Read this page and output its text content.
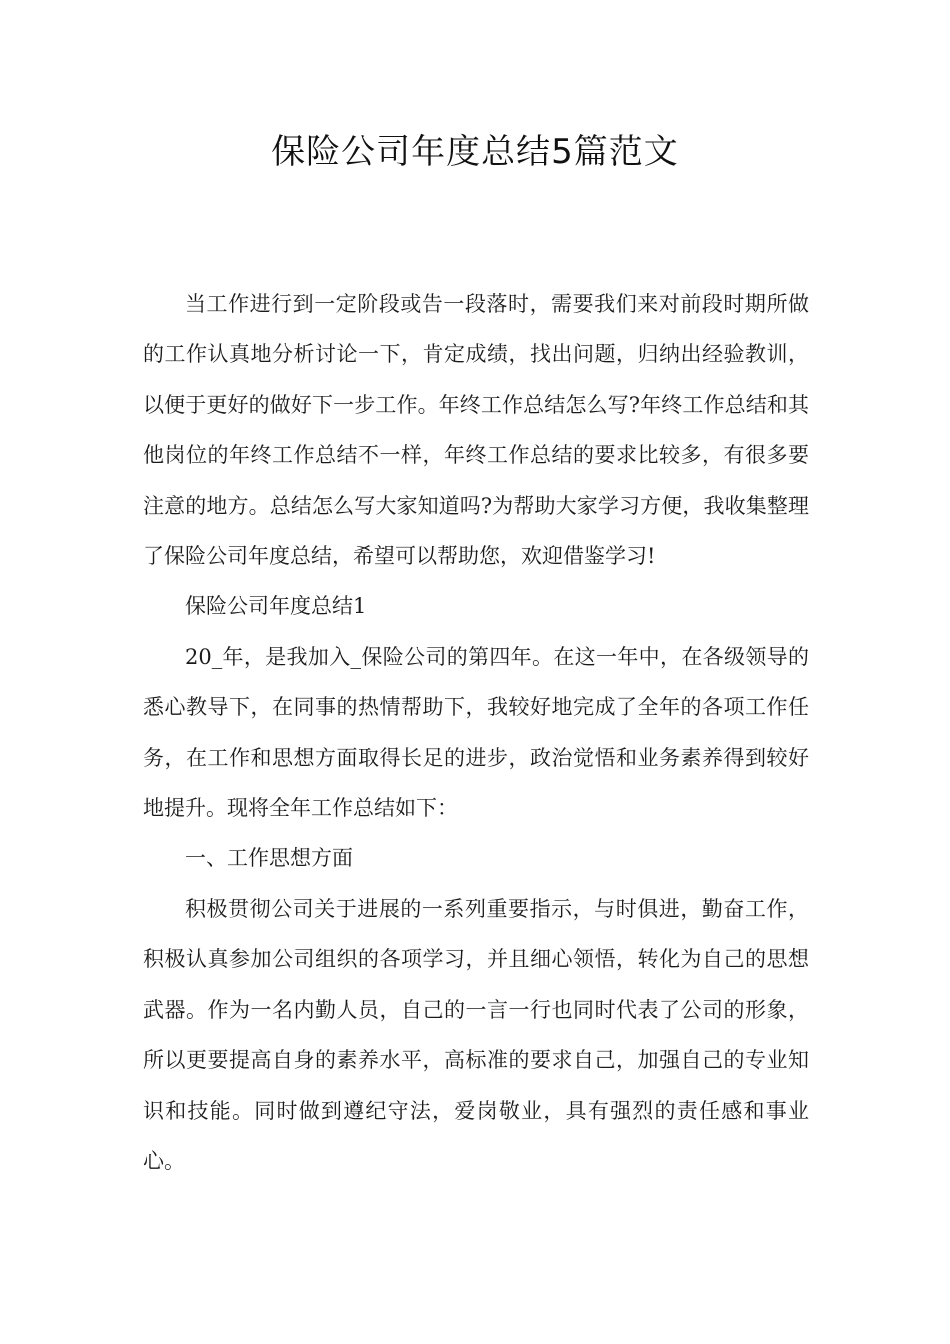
保险公司年度总结5篇范文

当工作进行到一定阶段或告一段落时，需要我们来对前段时期所做的工作认真地分析讨论一下，肯定成绩，找出问题，归纳出经验教训，以便于更好的做好下一步工作。年终工作总结怎么写?年终工作总结和其他岗位的年终工作总结不一样，年终工作总结的要求比较多，有很多要注意的地方。总结怎么写大家知道吗?为帮助大家学习方便，我收集整理了保险公司年度总结，希望可以帮助您，欢迎借鉴学习!

保险公司年度总结1

20_年，是我加入_保险公司的第四年。在这一年中，在各级领导的悉心教导下，在同事的热情帮助下，我较好地完成了全年的各项工作任务，在工作和思想方面取得长足的进步，政治觉悟和业务素养得到较好地提升。现将全年工作总结如下：

一、工作思想方面

积极贯彻公司关于进展的一系列重要指示，与时俱进，勤奋工作，积极认真参加公司组织的各项学习，并且细心领悟，转化为自己的思想武器。作为一名内勤人员，自己的一言一行也同时代表了公司的形象，所以更要提高自身的素养水平，高标准的要求自己，加强自己的专业知识和技能。同时做到遵纪守法，爱岗敬业，具有强烈的责任感和事业心。
